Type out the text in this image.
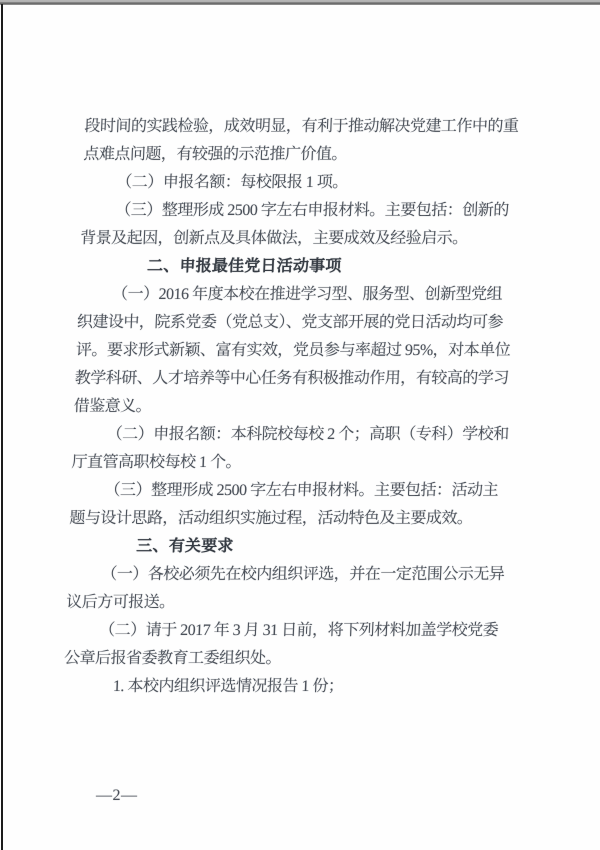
段时间的实践检验，成效明显，有利于推动解决党建工作中的重
点难点问题，有较强的示范推广价值。
（二）申报名额：每校限报 1 项。
（三）整理形成 2500 字左右申报材料。主要包括：创新的
背景及起因，创新点及具体做法，主要成效及经验启示。
二、申报最佳党日活动事项
（一）2016 年度本校在推进学习型、服务型、创新型党组
织建设中，院系党委（党总支）、党支部开展的党日活动均可参
评。要求形式新颖、富有实效，党员参与率超过 95%，对本单位
教学科研、人才培养等中心任务有积极推动作用，有较高的学习
借鉴意义。
（二）申报名额：本科院校每校 2 个；高职（专科）学校和
厅直管高职校每校 1 个。
（三）整理形成 2500 字左右申报材料。主要包括：活动主
题与设计思路，活动组织实施过程，活动特色及主要成效。
三、有关要求
（一）各校必须先在校内组织评选，并在一定范围公示无异
议后方可报送。
（二）请于 2017 年 3 月 31 日前，将下列材料加盖学校党委
公章后报省委教育工委组织处。
1. 本校内组织评选情况报告 1 份；
—2—
